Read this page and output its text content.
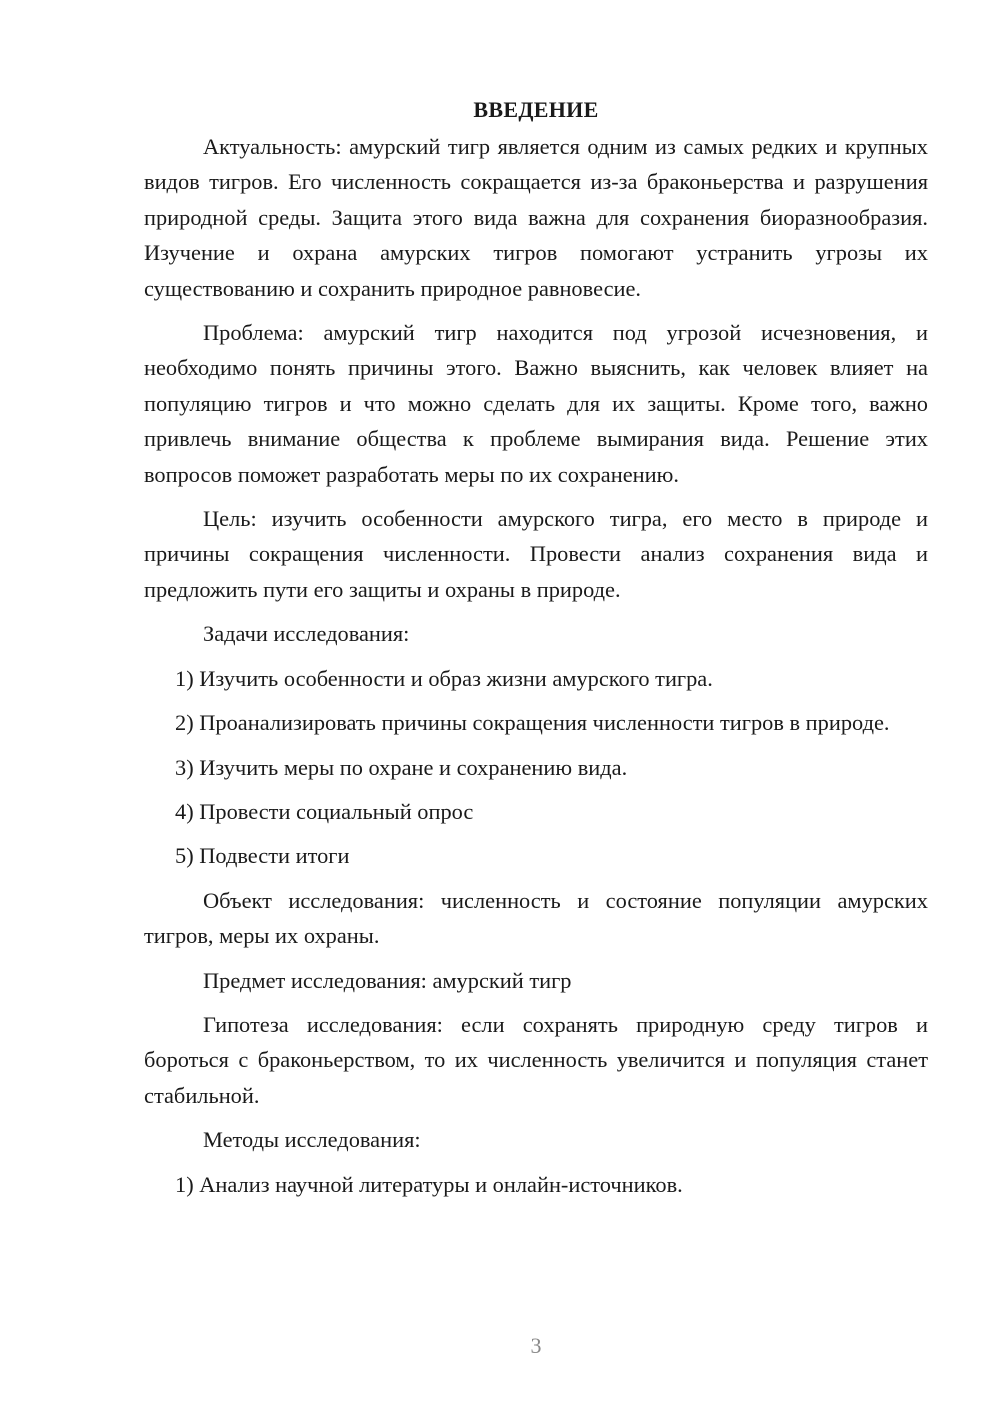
ВВЕДЕНИЕ

Актуальность: амурский тигр является одним из самых редких и крупных видов тигров. Его численность сокращается из-за браконьерства и разрушения природной среды. Защита этого вида важна для сохранения биоразнообразия. Изучение и охрана амурских тигров помогают устранить угрозы их существованию и сохранить природное равновесие.

Проблема: амурский тигр находится под угрозой исчезновения, и необходимо понять причины этого. Важно выяснить, как человек влияет на популяцию тигров и что можно сделать для их защиты. Кроме того, важно привлечь внимание общества к проблеме вымирания вида. Решение этих вопросов поможет разработать меры по их сохранению.

Цель: изучить особенности амурского тигра, его место в природе и причины сокращения численности. Провести анализ сохранения вида и предложить пути его защиты и охраны в природе.

Задачи исследования:

1) Изучить особенности и образ жизни амурского тигра.

2) Проанализировать причины сокращения численности тигров в природе.

3) Изучить меры по охране и сохранению вида.

4) Провести социальный опрос

5) Подвести итоги

Объект исследования: численность и состояние популяции амурских тигров, меры их охраны.

Предмет исследования: амурский тигр

Гипотеза исследования: если сохранять природную среду тигров и бороться с браконьерством, то их численность увеличится и популяция станет стабильной.

Методы исследования:

1) Анализ научной литературы и онлайн-источников.

3
